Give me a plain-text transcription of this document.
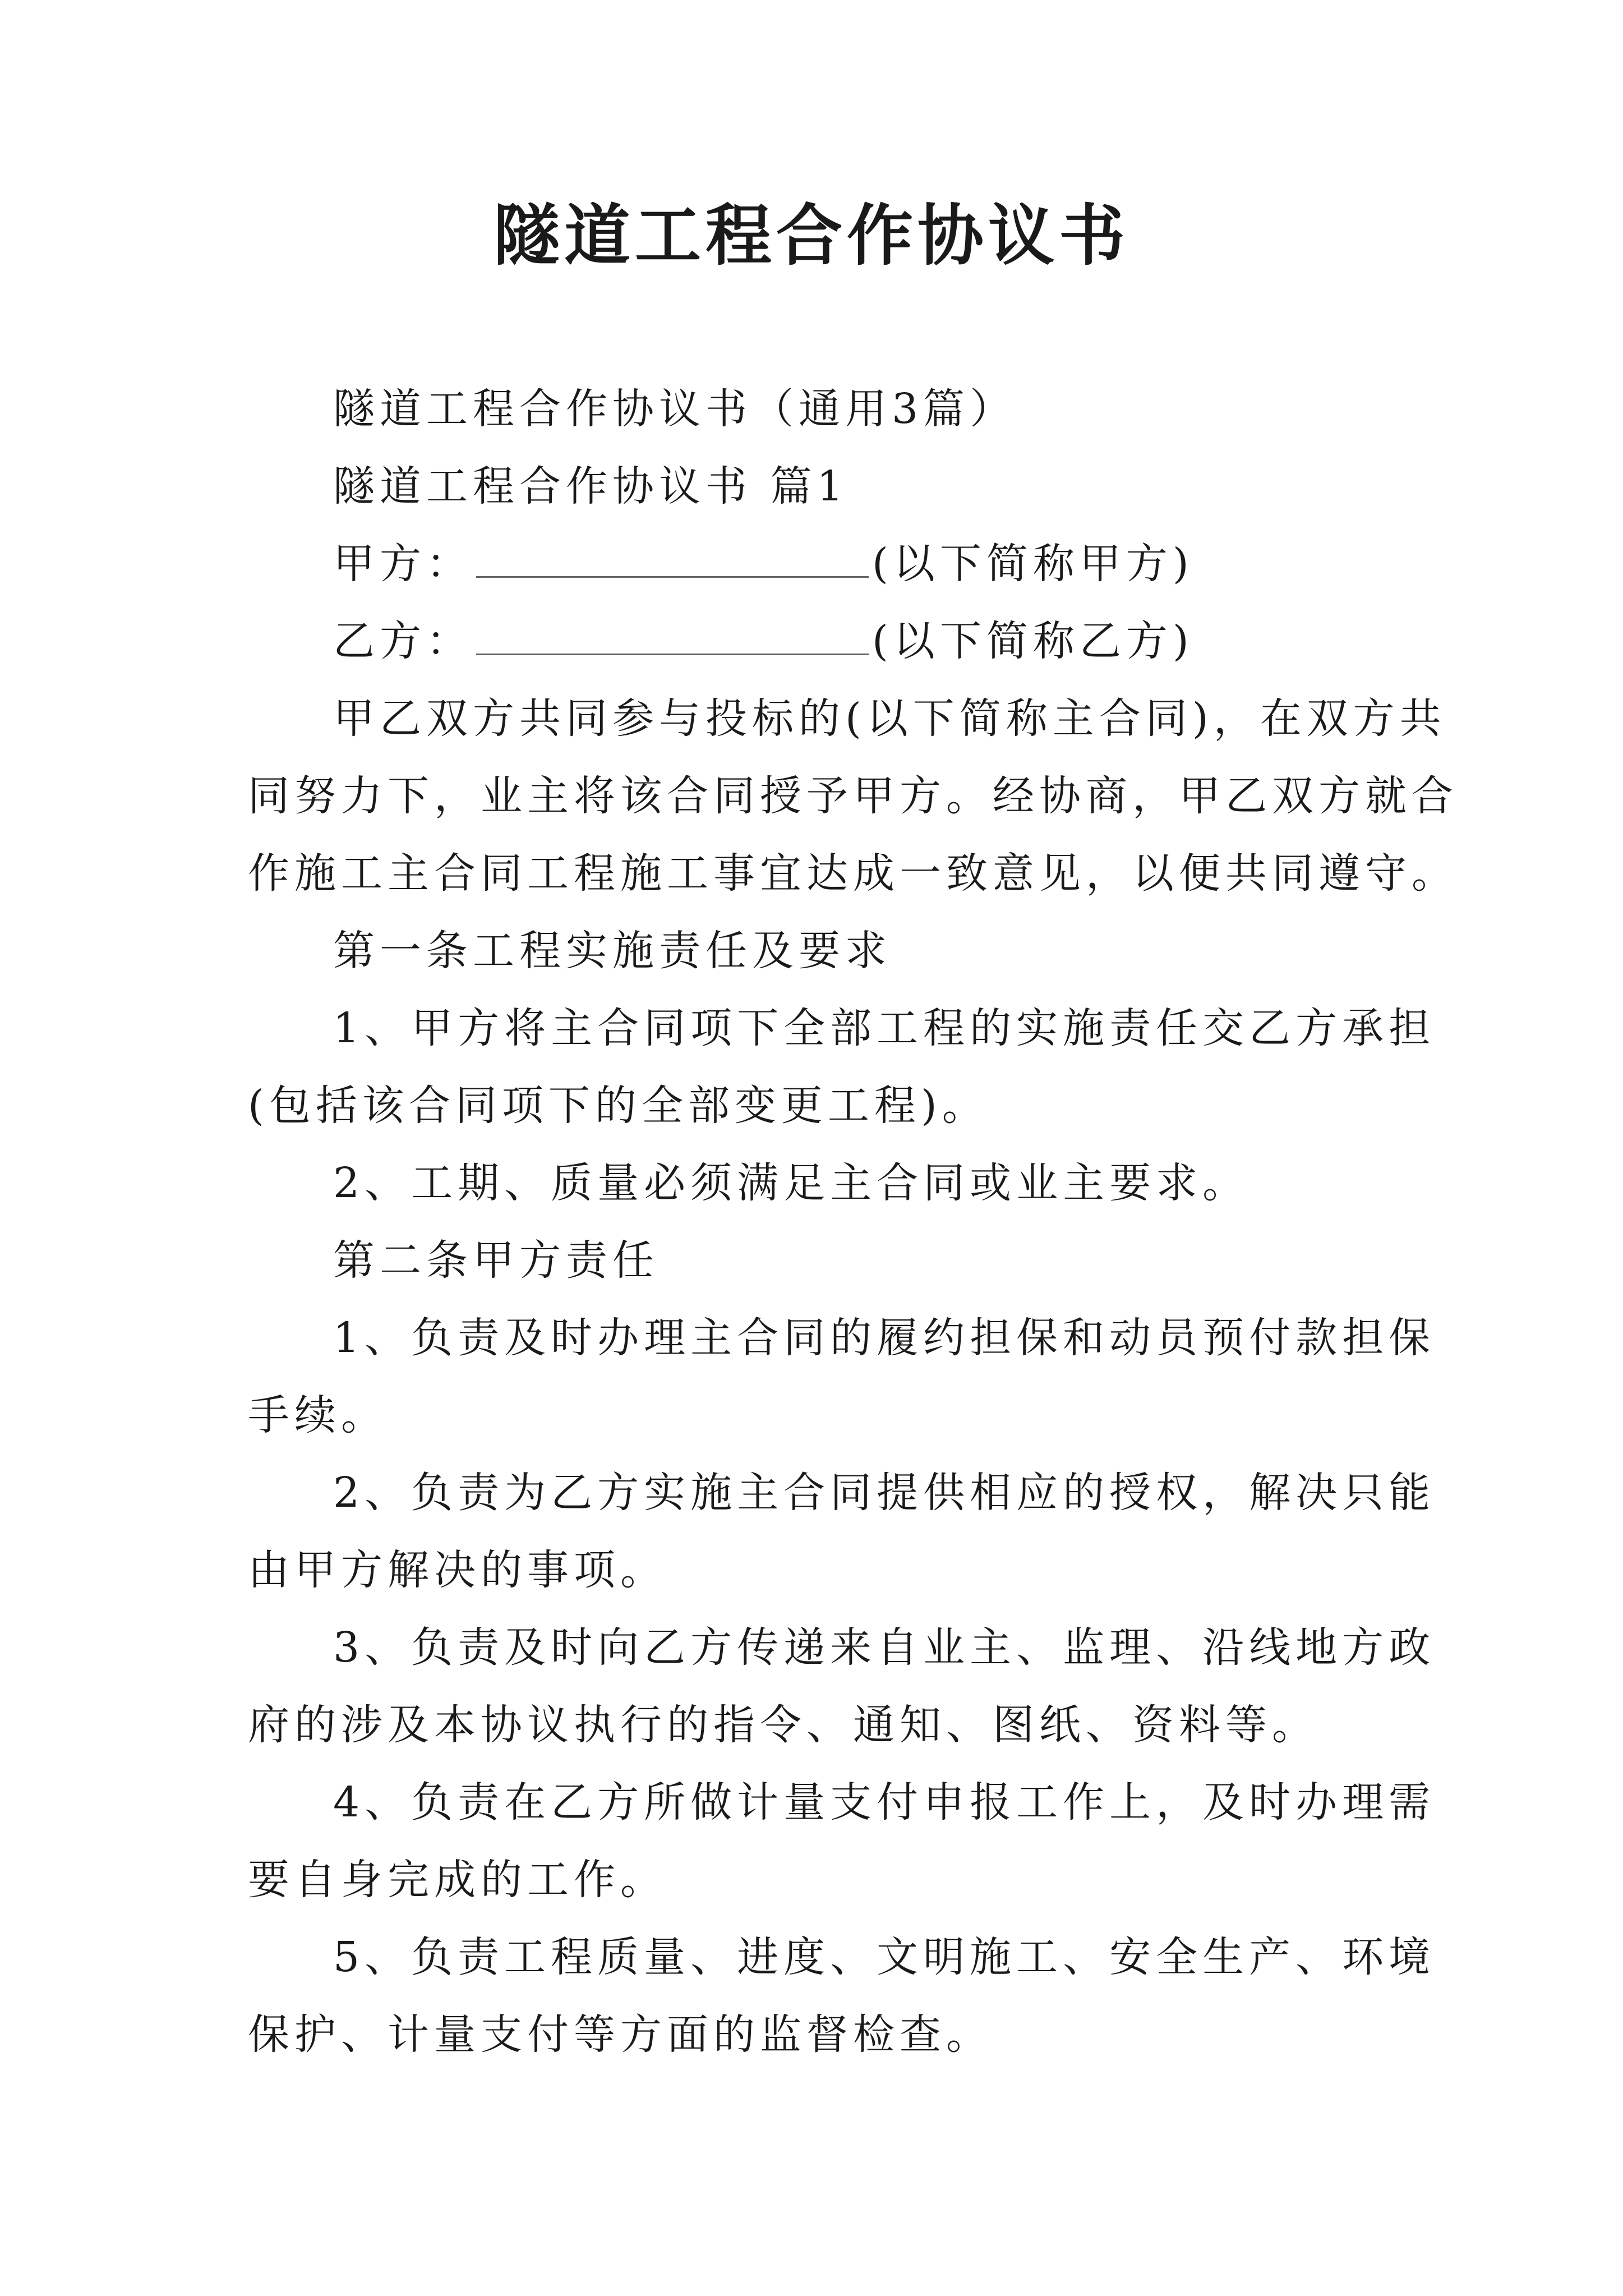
隧道工程合作协议书
隧道工程合作协议书（通用3篇）
隧道工程合作协议书 篇1
甲方：	(以下简称甲方)
乙方：	(以下简称乙方)
甲乙双方共同参与投标的(以下简称主合同)，在双方共
同努力下，业主将该合同授予甲方。经协商，甲乙双方就合
作施工主合同工程施工事宜达成一致意见，以便共同遵守。
第一条工程实施责任及要求
1、甲方将主合同项下全部工程的实施责任交乙方承担
(包括该合同项下的全部变更工程)。
2、工期、质量必须满足主合同或业主要求。
第二条甲方责任
1、负责及时办理主合同的履约担保和动员预付款担保
手续。
2、负责为乙方实施主合同提供相应的授权，解决只能
由甲方解决的事项。
3、负责及时向乙方传递来自业主、监理、沿线地方政
府的涉及本协议执行的指令、通知、图纸、资料等。
4、负责在乙方所做计量支付申报工作上，及时办理需
要自身完成的工作。
5、负责工程质量、进度、文明施工、安全生产、环境
保护、计量支付等方面的监督检查。
